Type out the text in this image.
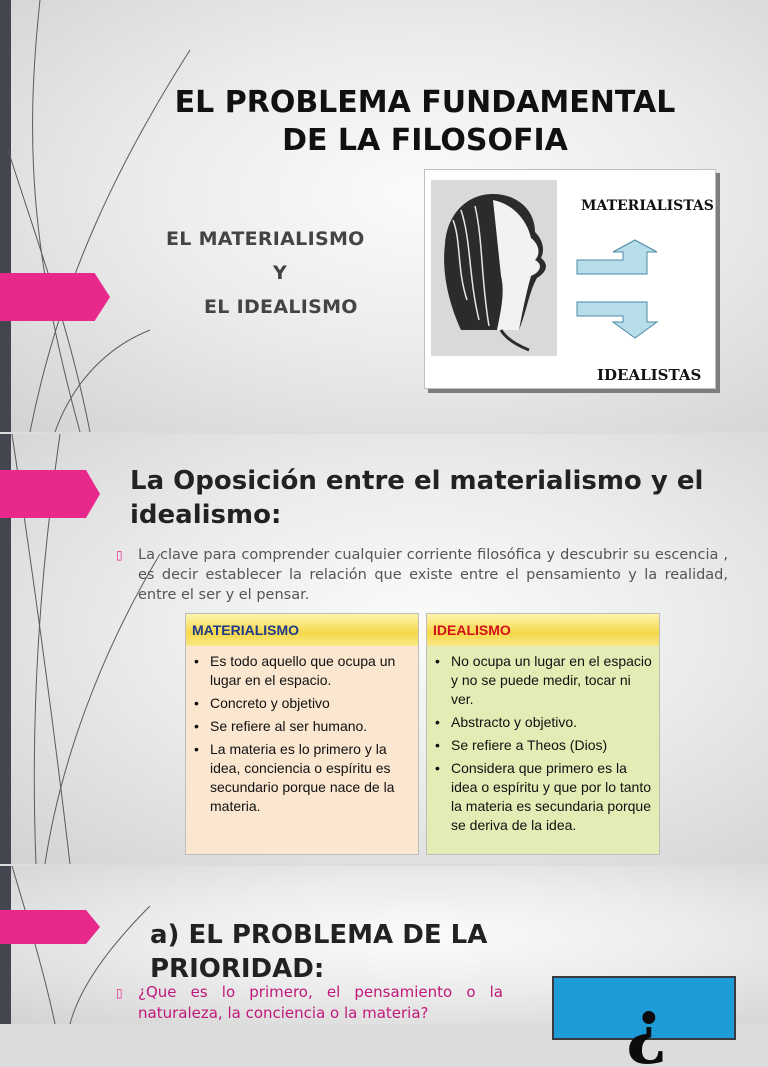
EL PROBLEMA FUNDAMENTAL
DE LA FILOSOFIA
EL MATERIALISMO
Y
EL IDEALISMO
MATERIALISTAS
IDEALISTAS
La Oposición entre el materialismo y el idealismo:
▯ La clave para comprender cualquier corriente filosófica y descubrir su escencia , es decir establecer la relación que existe entre el pensamiento y la realidad, entre el ser y el pensar.
MATERIALISMO
• Es todo aquello que ocupa un lugar en el espacio.
• Concreto y objetivo
• Se refiere al ser humano.
• La materia es lo primero y la idea, conciencia o espíritu es secundario porque nace de la materia.
IDEALISMO
• No ocupa un lugar en el espacio y no se puede medir, tocar ni ver.
• Abstracto y objetivo.
• Se refiere a Theos (Dios)
• Considera que primero es la idea o espíritu y que por lo tanto la materia es secundaria porque se deriva de la idea.
a) EL PROBLEMA DE LA PRIORIDAD:
▯ ¿Que es lo primero, el pensamiento o la naturaleza, la conciencia o la materia?	¿
